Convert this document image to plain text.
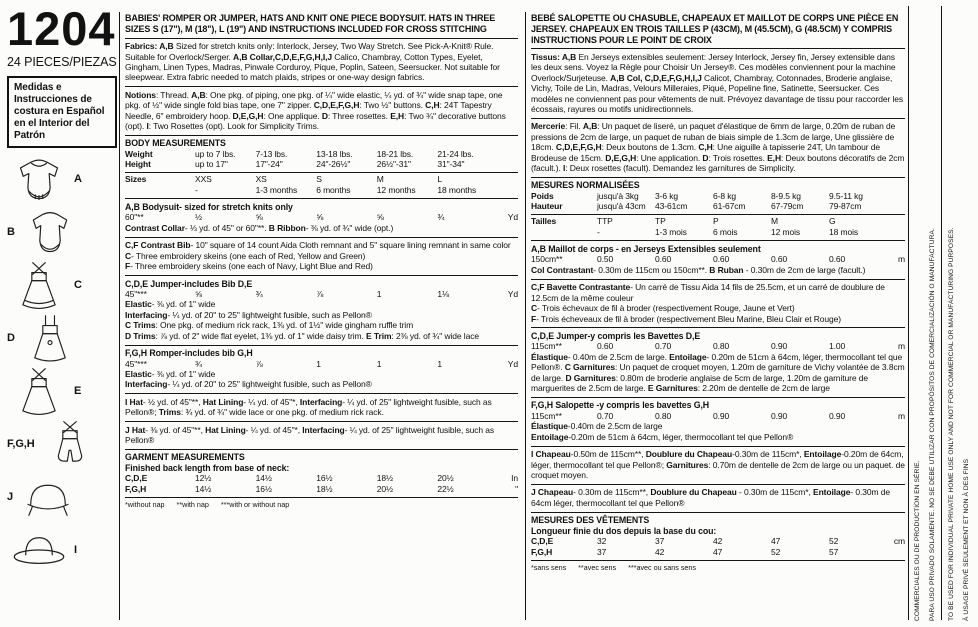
1204
24 PIECES/PIEZAS
Medidas e Instrucciones de costura en Español en el Interior del Patrón
A
B
C
D
E
F,G,H
J
I
BABIES' ROMPER OR JUMPER, HATS AND KNIT ONE PIECE BODYSUIT. HATS IN THREE SIZES S (17"), M (18"), L (19") AND INSTRUCTIONS INCLUDED FOR CROSS STITCHING

Fabrics: A,B Sized for stretch knits only: Interlock, Jersey, Two Way Stretch. See Pick-A-Knit® Rule. Suitable for Overlock/Serger. A,B Collar,C,D,E,F,G,H,I,J Calico, Chambray, Cotton Types, Eyelet, Gingham, Linen Types, Madras, Pinwale Corduroy, Pique, Poplin, Sateen, Seersucker. Not suitable for sleepwear. Extra fabric needed to match plaids, stripes or one-way design fabrics.

Notions: Thread. A,B: One pkg. of piping, one pkg. of ¼" wide elastic, ¼ yd. of ¾" wide snap tape, one pkg. of ½" wide single fold bias tape, one 7" zipper. C,D,E,F,G,H: Two ½" buttons. C,H: 24T Tapestry Needle, 6" embroidery hoop. D,E,G,H: One applique. D: Three rosettes. E,H: Two ¾" decorative buttons (opt). I: Two Rosettes (opt). Look for Simplicity Trims.

BODY MEASUREMENTS
Weight	up to 7 lbs.	7-13 lbs.	13-18 lbs.	18-21 lbs.	21-24 lbs.
Height	up to 17"	17"-24"	24"-26½"	26½"-31"	31"-34"
Sizes	XXS	XS	S	M	L
-	1-3 months	6 months	12 months	18 months
A,B Bodysuit- sized for stretch knits only
60"**	½	⅝	⅝	⅝	¾	Yd

Contrast Collar- ⅓ yd. of 45" or 60"**. B Ribbon- ⅜ yd. of ¾" wide (opt.)

C,F Contrast Bib- 10" square of 14 count Aida Cloth remnant and 5" square lining remnant in same color

C- Three embroidery skeins (one each of Red, Yellow and Green)

F- Three embroidery skeins (one each of Navy, Light Blue and Red)

C,D,E Jumper-includes Bib D,E
45"***	⅝	¾	⅞	1	1⅛	Yd

Elastic- ⅜ yd. of 1" wide

Interfacing- ¼ yd. of 20" to 25" lightweight fusible, such as Pellon®

C Trims: One pkg. of medium rick rack, 1⅜ yd. of 1½" wide gingham ruffle trim

D Trims: ⅞ yd. of 2" wide flat eyelet, 1⅜ yd. of 1" wide daisy trim. E Trim: 2⅜ yd. of ¾" wide lace

F,G,H Romper-includes bib G,H
45"***	¾	⅞	1	1	1	Yd

Elastic- ⅜ yd. of 1" wide

Interfacing- ¼ yd. of 20" to 25" lightweight fusible, such as Pellon®

I Hat- ½ yd. of 45"**, Hat Lining- ¼ yd. of 45"*, Interfacing- ¼ yd. of 25" lightweight fusible, such as Pellon®; Trims: ¾ yd. of ¾" wide lace or one pkg. of medium rick rack.

J Hat- ⅜ yd. of 45"**, Hat Lining- ¼ yd. of 45"*, Interfacing- ¼ yd. of 25" lightweight fusible, such as Pellon®

GARMENT MEASUREMENTS
Finished back length from base of neck:
C,D,E	12½	14½	16½	18½	20½	In
F,G,H	14½	16½	18½	20½	22½	"
*without nap      **with nap      ***with or without nap
BEBÉ SALOPETTE OU CHASUBLE, CHAPEAUX ET MAILLOT DE CORPS UNE PIÈCE EN JERSEY. CHAPEAUX EN TROIS TAILLES P (43CM), M (45.5CM), G (48.5CM) Y COMPRIS INSTRUCTIONS POUR LE POINT DE CROIX

Tissus: A,B En Jerseys extensibles seulement: Jersey Interlock, Jersey fin, Jersey extensible dans les deux sens. Voyez la Règle pour Choisir Un Jersey®. Ces modèles conviennent pour la machine Overlock/Surjeteuse. A,B Col, C,D,E,F,G,H,I,J Calicot, Chambray, Cotonnades, Broderie anglaise, Vichy, Toile de Lin, Madras, Velours Milleraies, Piqué, Popeline fine, Satinette, Seersucker. Ces modèles ne conviennent pas pour vêtements de nuit. Prévoyez davantage de tissu pour raccorder les écossais, rayures ou motifs unidirectionnels.

Mercerie: Fil. A,B: Un paquet de liseré, un paquet d'élastique de 6mm de large, 0.20m de ruban de pressions de 2cm de large, un paquet de ruban de biais simple de 1.3cm de large, Une glissière de 18cm. C,D,E,F,G,H: Deux boutons de 1.3cm. C,H: Une aiguille à tapisserie 24T, Un tambour de Brodeuse de 15cm. D,E,G,H: Une application. D: Trois rosettes. E,H: Deux boutons décoratifs de 2cm (facult.). I: Deux rosettes (facult). Demandez les garnitures de Simplicity.

MESURES NORMALISÉES
Poids	jusqu'à 3kg	3-6 kg	6-8 kg	8-9.5 kg	9.5-11 kg
Hauteur	jusqu'à 43cm	43-61cm	61-67cm	67-79cm	79-87cm
Tailles	TTP	TP	P	M	G
-	1-3 mois	6 mois	12 mois	18 mois
A,B Maillot de corps - en Jerseys Extensibles seulement
150cm**	0.50	0.60	0.60	0.60	0.60	m

Col Contrastant- 0.30m de 115cm ou 150cm**. B Ruban - 0.30m de 2cm de large (facult.)

C,F Bavette Contrastante- Un carré de Tissu Aida 14 fils de 25.5cm, et un carré de doublure de 12.5cm de la même couleur

C- Trois échevaux de fil à broder (respectivement Rouge, Jaune et Vert)

F- Trois écheveaux de fil à broder (respectivement Bleu Marine, Bleu Clair et Rouge)

C,D,E Jumper-y compris les Bavettes D,E
115cm**	0.60	0.70	0.80	0.90	1.00	m

Élastique- 0.40m de 2.5cm de large. Entoilage- 0.20m de 51cm à 64cm, léger, thermocollant tel que Pellon®. C Garnitures: Un paquet de croquet moyen, 1.20m de garniture de Vichy volantée de 3.8cm de large. D Garnitures: 0.80m de broderie anglaise de 5cm de large, 1.20m de garniture de marguerites de 2.5cm de large. E Garnitures: 2.20m de dentelle de 2cm de large

F,G,H Salopette -y compris les bavettes G,H
115cm**	0.70	0.80	0.90	0.90	0.90	m

Élastique-0.40m de 2.5cm de large

Entoilage-0.20m de 51cm à 64cm, léger, thermocollant tel que Pellon®

I Chapeau-0.50m de 115cm**, Doublure du Chapeau-0.30m de 115cm*, Entoilage-0.20m de 64cm, léger, thermocollant tel que Pellon®; Garnitures: 0.70m de dentelle de 2cm de large ou un paquet. de croquet moyen.

J Chapeau- 0.30m de 115cm**, Doublure du Chapeau - 0.30m de 115cm*, Entoilage- 0.30m de 64cm léger, thermocollant tel que Pellon®

MESURES DES VÊTEMENTS
Longueur finie du dos depuis la base du cou:
C,D,E	32	37	42	47	52	cm
F,G,H	37	42	47	52	57
*sans sens      **avec sens      ***avec ou sans sens	COMMERCIALES OU DE PRODUCTION EN SÉRIE.	PARA USO PRIVADO SOLAMENTE. NO SE DEBE UTILIZAR CON PROPÓSITOS DE COMERCIALIZACIÓN O MANUFACTURA.	TO BE USED FOR INDIVIDUAL PRIVATE HOME USE ONLY AND NOT FOR COMMERCIAL OR MANUFACTURING PURPOSES.	À USAGE PRIVÉ SEULEMENT ET NON À DES FINS
